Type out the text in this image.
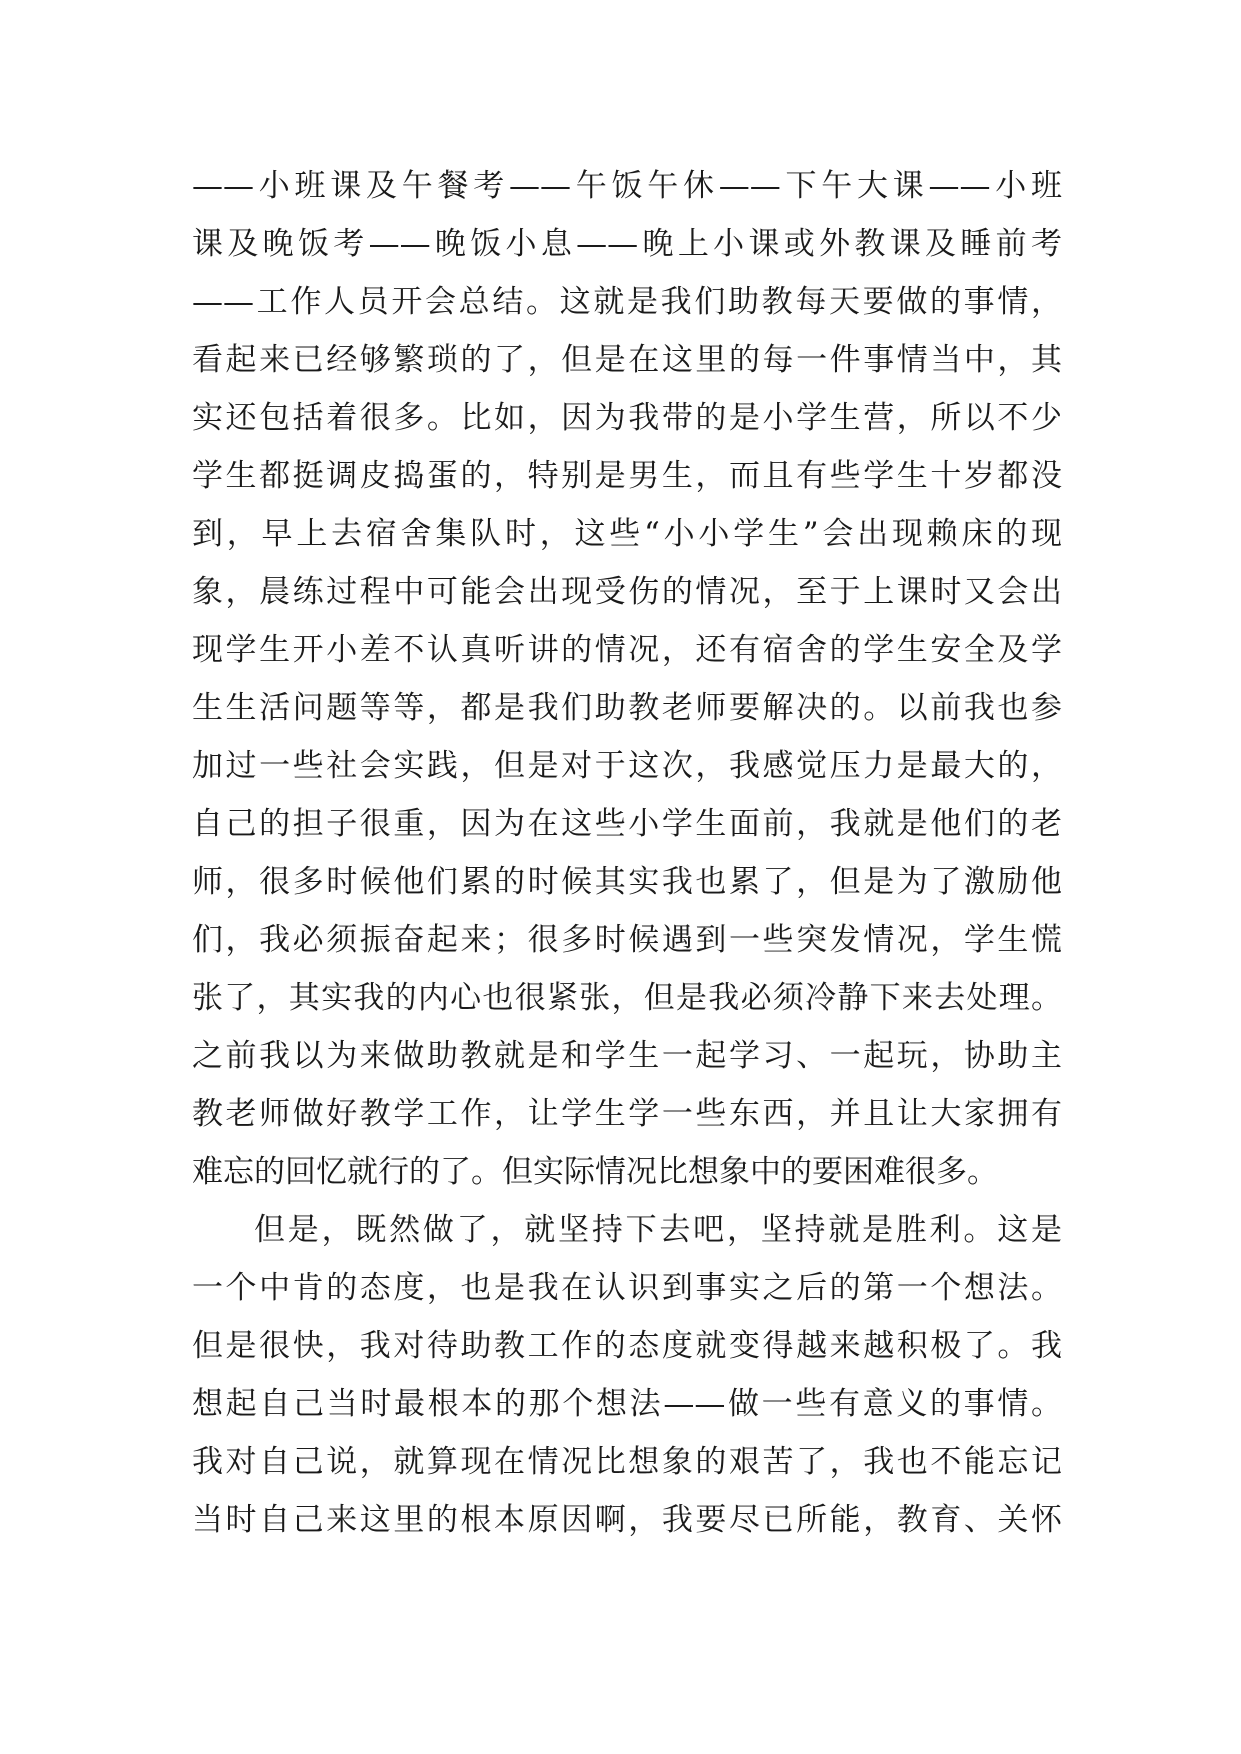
——小班课及午餐考——午饭午休——下午大课——小班
课及晚饭考——晚饭小息——晚上小课或外教课及睡前考
——工作人员开会总结。这就是我们助教每天要做的事情，
看起来已经够繁琐的了，但是在这里的每一件事情当中，其
实还包括着很多。比如，因为我带的是小学生营，所以不少
学生都挺调皮捣蛋的，特别是男生，而且有些学生十岁都没
到，早上去宿舍集队时，这些“小小学生”会出现赖床的现
象，晨练过程中可能会出现受伤的情况，至于上课时又会出
现学生开小差不认真听讲的情况，还有宿舍的学生安全及学
生生活问题等等，都是我们助教老师要解决的。以前我也参
加过一些社会实践，但是对于这次，我感觉压力是最大的，
自己的担子很重，因为在这些小学生面前，我就是他们的老
师，很多时候他们累的时候其实我也累了，但是为了激励他
们，我必须振奋起来；很多时候遇到一些突发情况，学生慌
张了，其实我的内心也很紧张，但是我必须冷静下来去处理。
之前我以为来做助教就是和学生一起学习、一起玩，协助主
教老师做好教学工作，让学生学一些东西，并且让大家拥有
难忘的回忆就行的了。但实际情况比想象中的要困难很多。
但是，既然做了，就坚持下去吧，坚持就是胜利。这是
一个中肯的态度，也是我在认识到事实之后的第一个想法。
但是很快，我对待助教工作的态度就变得越来越积极了。我
想起自己当时最根本的那个想法——做一些有意义的事情。
我对自己说，就算现在情况比想象的艰苦了，我也不能忘记
当时自己来这里的根本原因啊，我要尽已所能，教育、关怀
